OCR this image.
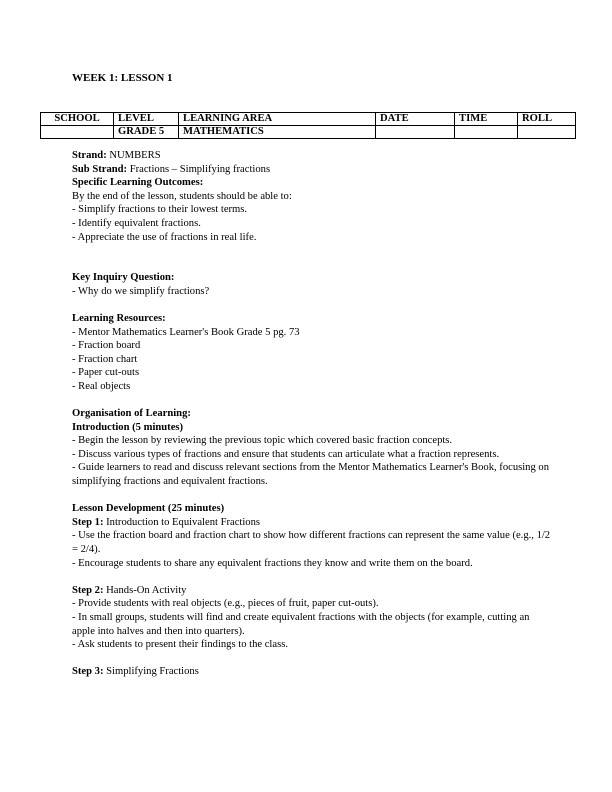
WEEK 1: LESSON 1
SCHOOL	LEVEL	LEARNING AREA	DATE	TIME	ROLL
	GRADE 5	MATHEMATICS			
Strand: NUMBERS
Sub Strand: Fractions – Simplifying fractions
Specific Learning Outcomes:
By the end of the lesson, students should be able to:
- Simplify fractions to their lowest terms.
- Identify equivalent fractions.
- Appreciate the use of fractions in real life.
Key Inquiry Question:
- Why do we simplify fractions?
Learning Resources:
- Mentor Mathematics Learner's Book Grade 5 pg. 73
- Fraction board
- Fraction chart
- Paper cut-outs
- Real objects
Organisation of Learning:
Introduction (5 minutes)
- Begin the lesson by reviewing the previous topic which covered basic fraction concepts.
- Discuss various types of fractions and ensure that students can articulate what a fraction represents.
- Guide learners to read and discuss relevant sections from the Mentor Mathematics Learner's Book, focusing on simplifying fractions and equivalent fractions.
Lesson Development (25 minutes)
Step 1: Introduction to Equivalent Fractions
- Use the fraction board and fraction chart to show how different fractions can represent the same value (e.g., 1/2 = 2/4).
- Encourage students to share any equivalent fractions they know and write them on the board.
Step 2: Hands-On Activity
- Provide students with real objects (e.g., pieces of fruit, paper cut-outs).
- In small groups, students will find and create equivalent fractions with the objects (for example, cutting an apple into halves and then into quarters).
- Ask students to present their findings to the class.
Step 3: Simplifying Fractions
